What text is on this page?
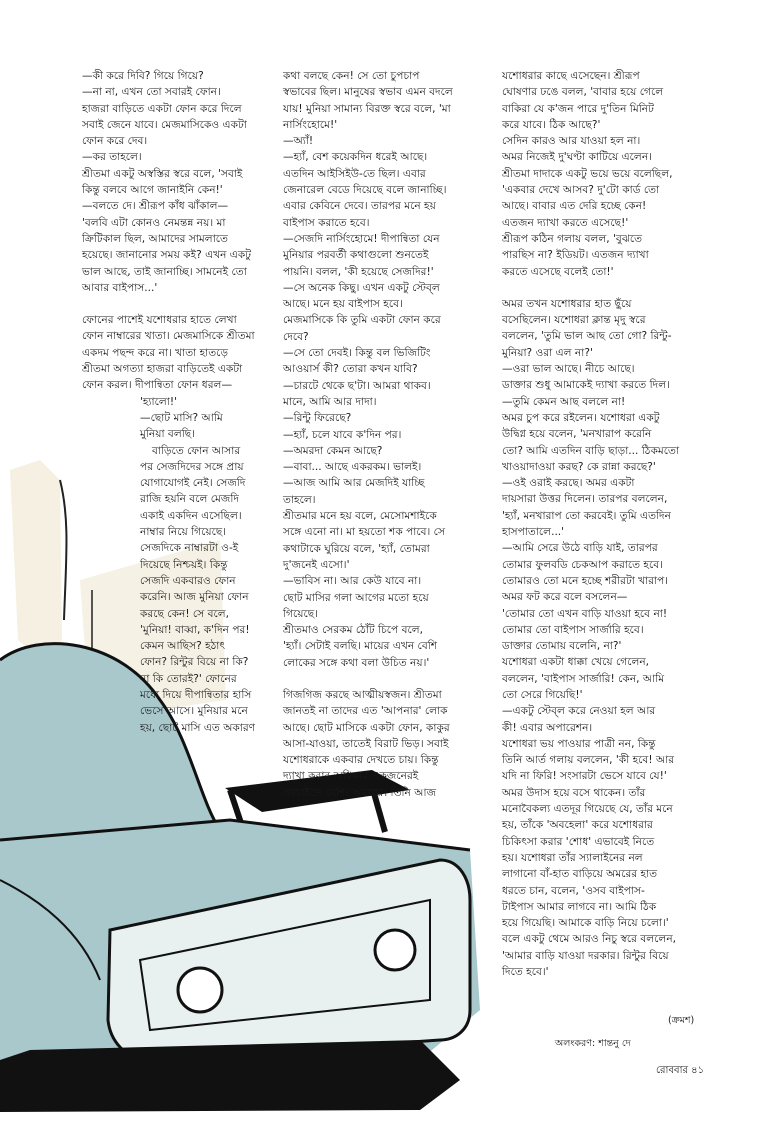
—কী করে দিবি? গিয়ে গিয়ে?

—না না, এখন তো সবারই ফোন।

হাজরা বাড়িতে একটা ফোন করে দিলে

সবাই জেনে যাবে। মেজমাসিকেও একটা

ফোন করে দেব।

—কর তাহলে।

শ্রীতমা একটু অস্বস্তির স্বরে বলে, 'সবাই

কিন্তু বলবে আগে জানাইনি কেন!'

—বলতে দে। শ্রীরূপ কাঁধ ঝাঁকাল—

'বলবি এটা কোনও নেমন্তন্ন নয়। মা

ক্রিটিকাল ছিল, আমাদের সামলাতে

হয়েছে। জানানোর সময় কই? এখন একটু

ভাল আছে, তাই জানাচ্ছি। সামনেই তো

আবার বাইপাস...'

ফোনের পাশেই যশোধরার হাতে লেখা

ফোন নাম্বারের খাতা। মেজমাসিকে শ্রীতমা

একদম পছন্দ করে না। খাতা হাতড়ে

শ্রীতমা অগত্যা হাজরা বাড়িতেই একটা

ফোন করল। দীপান্বিতা ফোন ধরল—

'হ্যালো!'

—ছোট মাসি? আমি

মুনিয়া বলছি।

বাড়িতে ফোন আসার

পর সেজদিদের সঙ্গে প্রায়

যোগাযোগই নেই। সেজদি

রাজি হয়নি বলে মেজদি

একাই একদিন এসেছিল।

নাম্বার নিয়ে গিয়েছে।

সেজদিকে নাম্বারটা ও-ই

দিয়েছে নিশ্চয়ই। কিন্তু

সেজদি একবারও ফোন

করেনি। আজ মুনিয়া ফোন

করছে কেন! সে বলে,

'মুনিয়া! বাব্বা, ক'দিন পর!

কেমন আছিস? হঠাৎ

ফোন? রিন্টুর বিয়ে না কি?

না কি তোরই?' ফোনের

মধ্যে দিয়ে দীপান্বিতার হাসি

ভেসে আসে। মুনিয়ার মনে

হয়, ছোট মাসি এত অকারণ

কথা বলছে কেন! সে তো চুপচাপ

স্বভাবের ছিল। মানুষের স্বভাব এমন বদলে

যায়! মুনিয়া সামান্য বিরক্ত স্বরে বলে, 'মা

নার্সিংহোমে!'

—অ্যাঁ!

—হ্যাঁ, বেশ কয়েকদিন ধরেই আছে।

এতদিন আইসিইউ-তে ছিল। এবার

জেনারেল বেডে দিয়েছে বলে জানাচ্ছি।

এবার কেবিনে দেবে। তারপর মনে হয়

বাইপাস করাতে হবে।

—সেজদি নার্সিংহোমে! দীপান্বিতা যেন

মুনিয়ার পরবর্তী কথাগুলো শুনতেই

পায়নি। বলল, 'কী হয়েছে সেজদির!'

—সে অনেক কিছু। এখন একটু স্টেব্‌ল

আছে। মনে হয় বাইপাস হবে।

মেজমাসিকে কি তুমি একটা ফোন করে

দেবে?

—সে তো দেবই। কিন্তু বল ভিজিটিং

আওয়ার্স কী? তোরা কখন যাবি?

—চারটে থেকে ছ'টা। আমরা থাকব।

মানে, আমি আর দাদা।

—রিন্টু ফিরেছে?

—হ্যাঁ, চলে যাবে ক'দিন পর।

—অমরদা কেমন আছে?

—বাবা... আছে একরকম। ভালই।

—আজ আমি আর মেজদিই যাচ্ছি

তাহলে।

শ্রীতমার মনে হয় বলে, মেসোমশাইকে

সঙ্গে এনো না। মা হয়তো শক পাবে। সে

কথাটাকে ঘুরিয়ে বলে, 'হ্যাঁ, তোমরা

দু'জনেই এসো।'

—ভাবিস না। আর কেউ যাবে না।

ছোট মাসির গলা আগের মতো হয়ে

গিয়েছে।

শ্রীতমাও সেরকম ঠোঁট চিপে বলে,

'হ্যাঁ। সেটাই বলছি। মায়ের এখন বেশি

লোকের সঙ্গে কথা বলা উচিত নয়।'

গিজগিজ করছে আত্মীয়স্বজন। শ্রীতমা

জানতই না তাদের এত 'আপনার' লোক

আছে। ছোট মাসিকে একটা ফোন, কাকুর

আসা-যাওয়া, তাতেই বিরাট ভিড়। সবাই

যশোধরাকে একবার দেখতে চায়। কিন্তু

দ্যাখা করার অধিকার একজনেরই

সবচাইতে বেশি। অমরের। তিনি আজ

যশোধরার কাছে এসেছেন। শ্রীরূপ

ঘোষণার ঢঙে বলল, 'বাবার হয়ে গেলে

বাকিরা যে ক'জন পারে দু'তিন মিনিট

করে যাবে। ঠিক আছে?'

সেদিন কারও আর যাওয়া হল না।

অমর নিজেই দু'ঘণ্টা কাটিয়ে এলেন।

শ্রীতমা দাদাকে একটু ভয়ে ভয়ে বলেছিল,

'একবার দেখে আসব? দু'টো কার্ড তো

আছে। বাবার এত দেরি হচ্ছে কেন!

এতজন দ্যাখা করতে এসেছে!'

শ্রীরূপ কঠিন গলায় বলল, 'বুঝতে

পারছিস না? ইডিয়ট। এতজন দ্যাখা

করতে এসেছে বলেই তো!'

অমর তখন যশোধরার হাত ছুঁয়ে

বসেছিলেন। যশোধরা ক্লান্ত মৃদু স্বরে

বললেন, 'তুমি ভাল আছ তো গো? রিন্টু-

মুনিয়া? ওরা এল না?'

—ওরা ভাল আছে। নীচে আছে।

ডাক্তার শুধু আমাকেই দ্যাখা করতে দিল।

—তুমি কেমন আছ বললে না!

অমর চুপ করে রইলেন। যশোধরা একটু

উদ্বিগ্ন হয়ে বলেন, 'মনখারাপ করেনি

তো? আমি এতদিন বাড়ি ছাড়া... ঠিকমতো

খাওয়াদাওয়া করছ? কে রান্না করছে?'

—ওই ওরাই করছে। অমর একটা

দায়সারা উত্তর দিলেন। তারপর বললেন,

'হ্যাঁ, মনখারাপ তো করবেই। তুমি এতদিন

হাসপাতালে...'

—আমি সেরে উঠে বাড়ি যাই, তারপর

তোমার ফুলবডি চেকআপ করাতে হবে।

তোমারও তো মনে হচ্ছে শরীরটা খারাপ।

অমর ফট করে বলে বসলেন—

'তোমার তো এখন বাড়ি যাওয়া হবে না!

তোমার তো বাইপাস সার্জারি হবে।

ডাক্তার তোমায় বলেনি, না?'

যশোধরা একটা ধাক্কা খেয়ে গেলেন,

বললেন, 'বাইপাস সার্জারি! কেন, আমি

তো সেরে গিয়েছি!'

—একটু স্টেব্‌ল করে নেওয়া হল আর

কী! এবার অপারেশন।

যশোধরা ভয় পাওয়ার পাত্রী নন, কিন্তু

তিনি আর্ত গলায় বললেন, 'কী হবে! আর

যদি না ফিরি! সংসারটা ভেসে যাবে যে!'

অমর উদাস হয়ে বসে থাকেন। তাঁর

মনোবৈকল্য এতদূর গিয়েছে যে, তাঁর মনে

হয়, তাঁকে 'অবহেলা' করে যশোধরার

চিকিৎসা করার 'শোধ' এভাবেই নিতে

হয়। যশোধরা তাঁর স্যালাইনের নল

লাগানো বাঁ-হাত বাড়িয়ে অমরের হাত

ধরতে চান, বলেন, 'ওসব বাইপাস-

টাইপাস আমার লাগবে না। আমি ঠিক

হয়ে গিয়েছি। আমাকে বাড়ি নিয়ে চলো।'

বলে একটু থেমে আরও নিচু স্বরে বললেন,

'আমার বাড়ি যাওয়া দরকার। রিন্টুর বিয়ে

দিতে হবে।'

(ক্রমশ)
অলংকরণ: শান্তনু দে
রোববার ৪১
